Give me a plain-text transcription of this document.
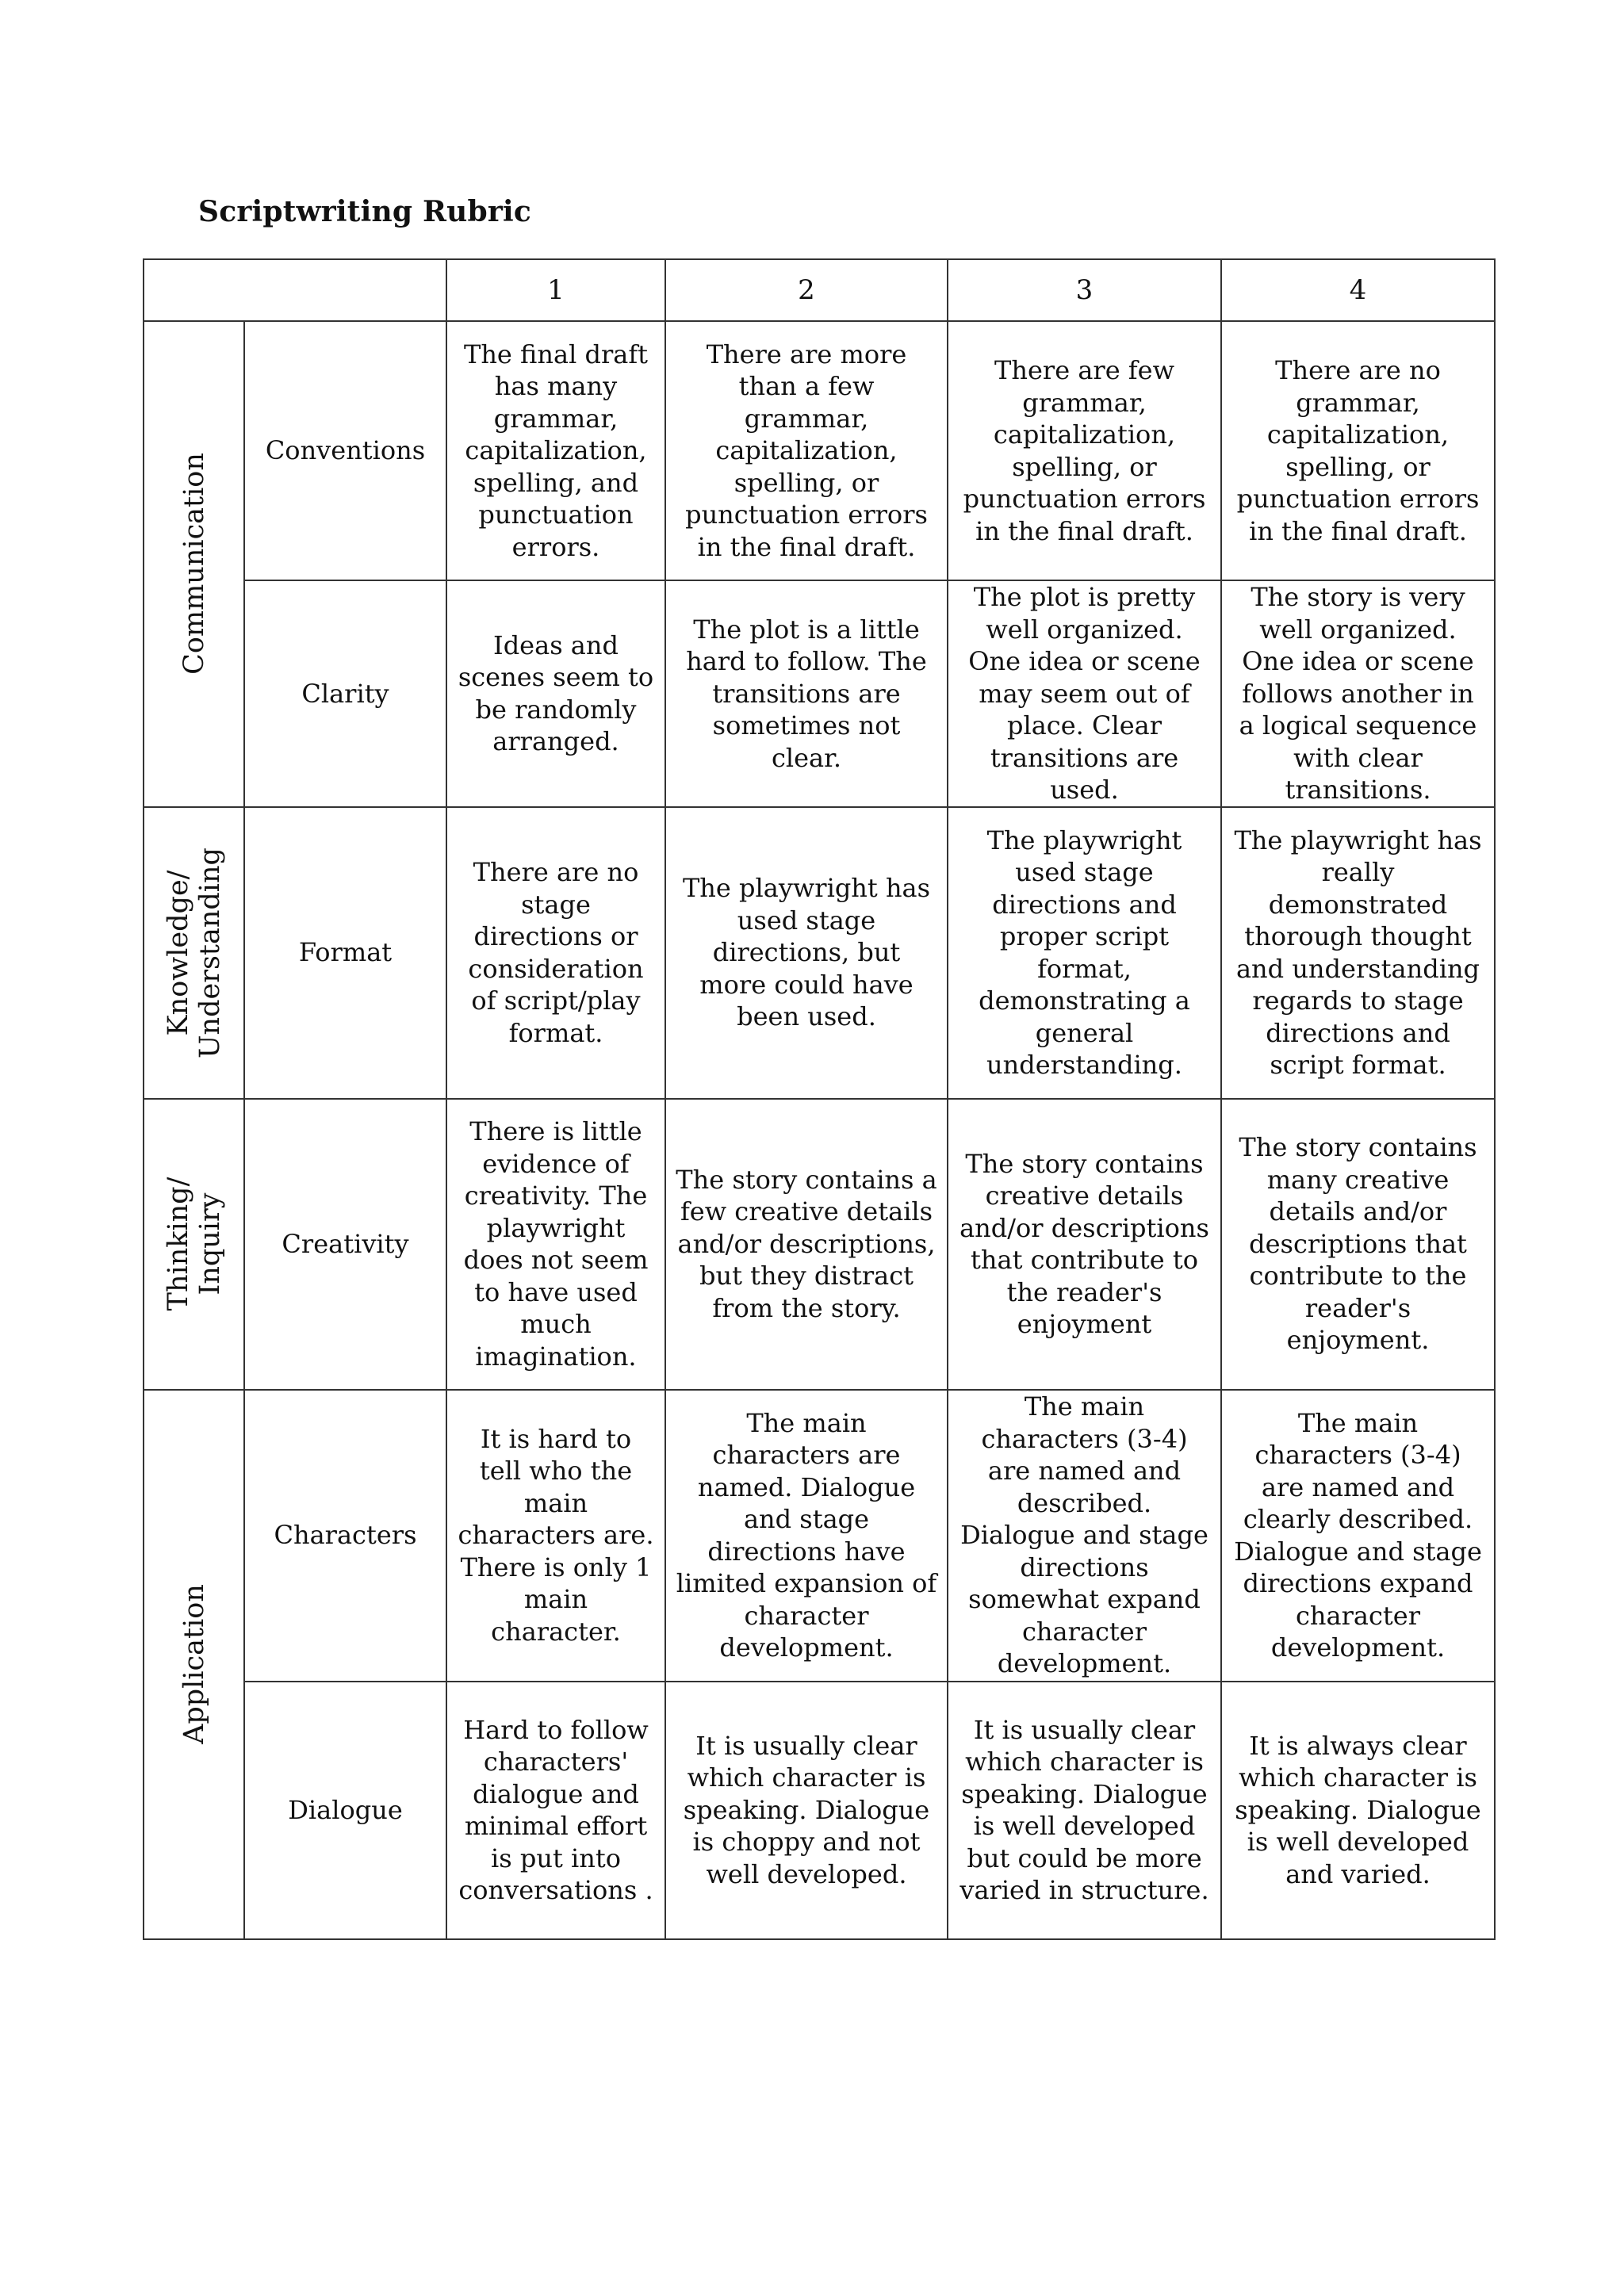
Scriptwriting Rubric
		1	2	3	4

Communication	Conventions	The final draft has many grammar, capitalization, spelling, and punctuation errors.	There are more than a few grammar, capitalization, spelling, or punctuation errors in the final draft.	There are few grammar, capitalization, spelling, or punctuation errors in the final draft.	There are no grammar, capitalization, spelling, or punctuation errors in the final draft.
	Clarity	Ideas and scenes seem to be randomly arranged.	The plot is a little hard to follow. The transitions are sometimes not clear.	The plot is pretty well organized. One idea or scene may seem out of place. Clear transitions are used.	The story is very well organized. One idea or scene follows another in a logical sequence with clear transitions.

Knowledge/ Understanding	Format	There are no stage directions or consideration of script/play format.	The playwright has used stage directions, but more could have been used.	The playwright used stage directions and proper script format, demonstrating a general understanding.	The playwright has really demonstrated thorough thought and understanding regards to stage directions and script format.

Thinking/ Inquiry	Creativity	There is little evidence of creativity. The playwright does not seem to have used much imagination.	The story contains a few creative details and/or descriptions, but they distract from the story.	The story contains creative details and/or descriptions that contribute to the reader's enjoyment	The story contains many creative details and/or descriptions that contribute to the reader's enjoyment.

Application	Characters	It is hard to tell who the main characters are. There is only 1 main character.	The main characters are named. Dialogue and stage directions have limited expansion of character development.	The main characters (3-4) are named and described. Dialogue and stage directions somewhat expand character development.	The main characters (3-4) are named and clearly described. Dialogue and stage directions expand character development.
	Dialogue	Hard to follow characters' dialogue and minimal effort is put into conversations .	It is usually clear which character is speaking. Dialogue is choppy and not well developed.	It is usually clear which character is speaking. Dialogue is well developed but could be more varied in structure.	It is always clear which character is speaking. Dialogue is well developed and varied.
